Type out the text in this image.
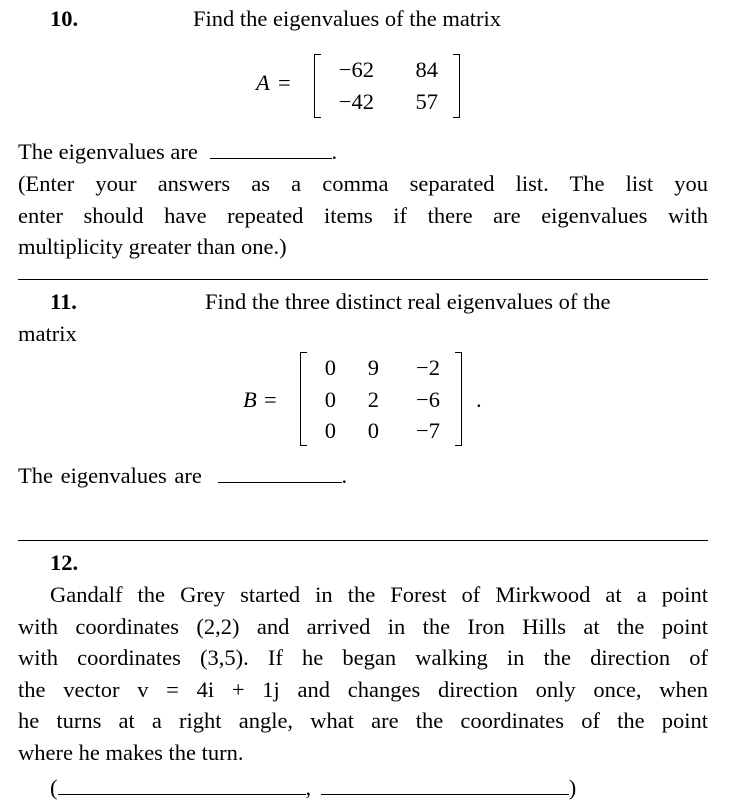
10.	Find the eigenvalues of the matrix
A =
−62 84
−42 57
The eigenvalues are	.
(Enter your answers as a comma separated list. The list you
enter should have repeated items if there are eigenvalues with
multiplicity greater than one.)
11.	Find the three distinct real eigenvalues of the
matrix
B =
0 9 −2
0 2 −6
0 0 −7
.
The eigenvalues are	.
12.
Gandalf the Grey started in the Forest of Mirkwood at a point
with coordinates (2,2) and arrived in the Iron Hills at the point
with coordinates (3,5). If he began walking in the direction of
the vector v = 4i + 1j and changes direction only once, when
he turns at a right angle, what are the coordinates of the point
where he makes the turn.
(	,	)
